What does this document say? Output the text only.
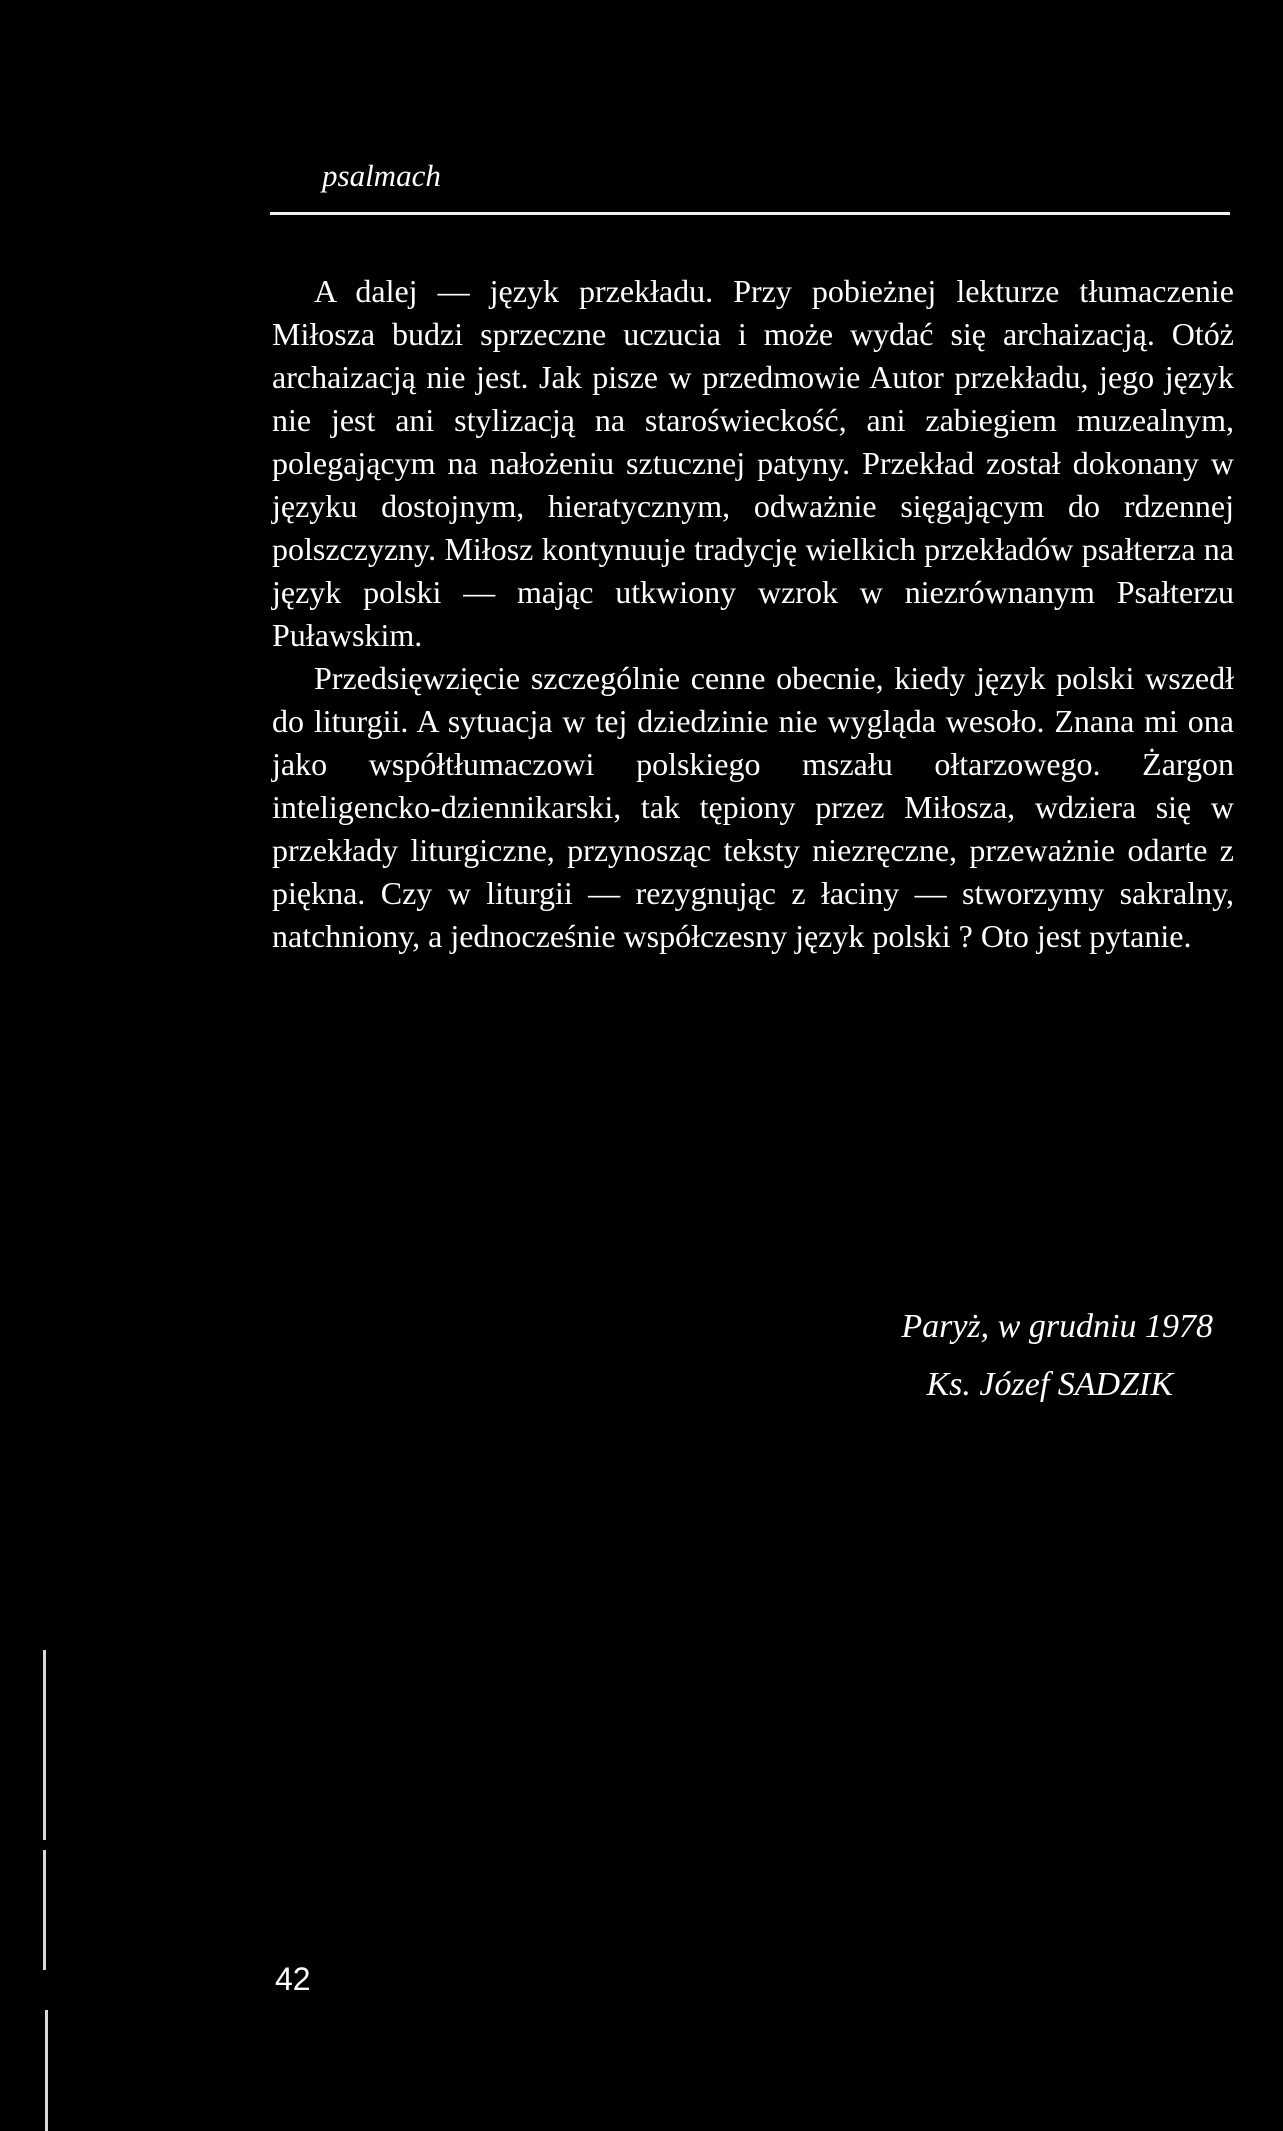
psalmach

A dalej — język przekładu. Przy pobieżnej lekturze tłumaczenie Miłosza budzi sprzeczne uczucia i może wydać się archaizacją. Otóż archaizacją nie jest. Jak pisze w przedmowie Autor przekładu, jego język nie jest ani stylizacją na staroświeckość, ani zabiegiem muzealnym, polegającym na nałożeniu sztucznej patyny. Przekład został dokonany w języku dostojnym, hieratycznym, odważnie sięgającym do rdzennej polszczyzny. Miłosz kontynuuje tradycję wielkich przekładów psałterza na język polski — mając utkwiony wzrok w niezrównanym Psałterzu Puławskim.

Przedsięwzięcie szczególnie cenne obecnie, kiedy język polski wszedł do liturgii. A sytuacja w tej dziedzinie nie wygląda wesoło. Znana mi ona jako współtłumaczowi polskiego mszału ołtarzowego. Żargon inteligencko-dziennikarski, tak tępiony przez Miłosza, wdziera się w przekłady liturgiczne, przynosząc teksty niezręczne, przeważnie odarte z piękna. Czy w liturgii — rezygnując z łaciny — stworzymy sakralny, natchniony, a jednocześnie współczesny język polski ? Oto jest pytanie.

Paryż, w grudniu 1978
Ks. Józef SADZIK
42
